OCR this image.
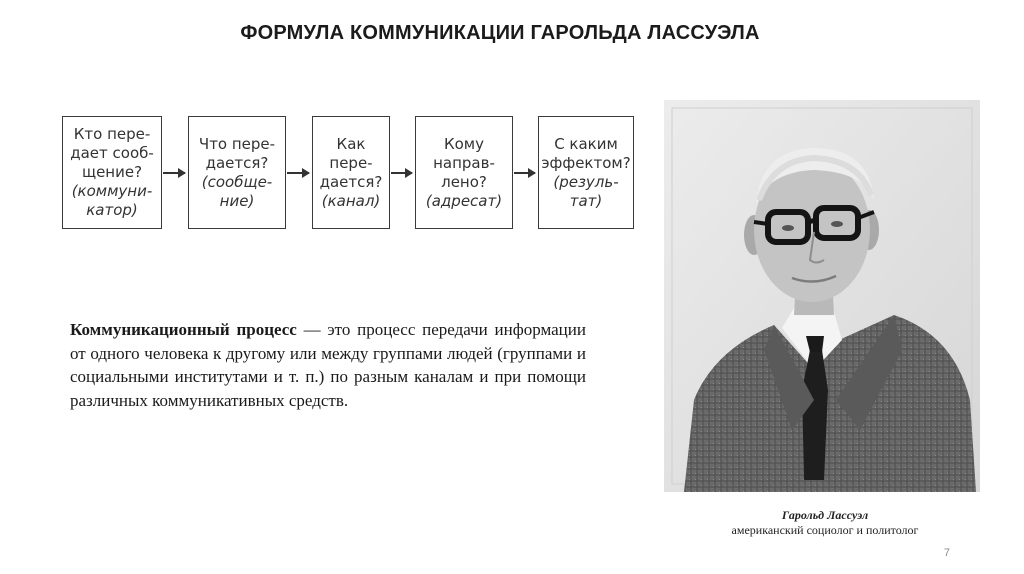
ФОРМУЛА КОММУНИКАЦИИ ГАРОЛЬДА ЛАССУЭЛА
Кто пере-
дает сооб-
щение?
(коммуни-
катор)
Что пере-
дается?
(сообще-
ние)
Как
пере-
дается?
(канал)
Кому
направ-
лено?
(адресат)
С каким
эффектом?
(резуль-
тат)
Коммуникационный процесс — это процесс передачи информации от одного человека к другому или между группами людей (группами и социальными институтами и т. п.) по разным каналам и при помощи различных коммуникативных средств.
Гарольд Лассуэл
американский социолог и политолог
7
